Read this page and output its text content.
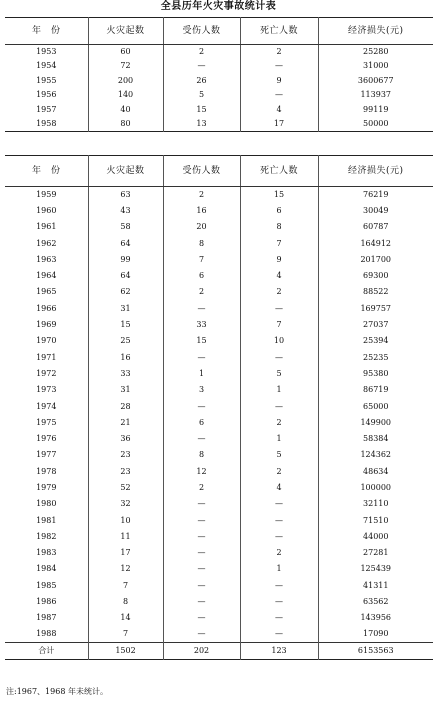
全县历年火灾事故统计表
年　份	火灾起数	受伤人数	死亡人数	经济损失(元)
1953	60	2	2	25280
1954	72	—	—	31000
1955	200	26	9	3600677
1956	140	5	—	113937
1957	40	15	4	99119
1958	80	13	17	50000
年　份	火灾起数	受伤人数	死亡人数	经济损失(元)
1959	63	2	15	76219
1960	43	16	6	30049
1961	58	20	8	60787
1962	64	8	7	164912
1963	99	7	9	201700
1964	64	6	4	69300
1965	62	2	2	88522
1966	31	—	—	169757
1969	15	33	7	27037
1970	25	15	10	25394
1971	16	—	—	25235
1972	33	1	5	95380
1973	31	3	1	86719
1974	28	—	—	65000
1975	21	6	2	149900
1976	36	—	1	58384
1977	23	8	5	124362
1978	23	12	2	48634
1979	52	2	4	100000
1980	32	—	—	32110
1981	10	—	—	71510
1982	11	—	—	44000
1983	17	—	2	27281
1984	12	—	1	125439
1985	7	—	—	41311
1986	8	—	—	63562
1987	14	—	—	143956
1988	7	—	—	17090
合计	1502	202	123	6153563
注:1967、1968 年未统计。
